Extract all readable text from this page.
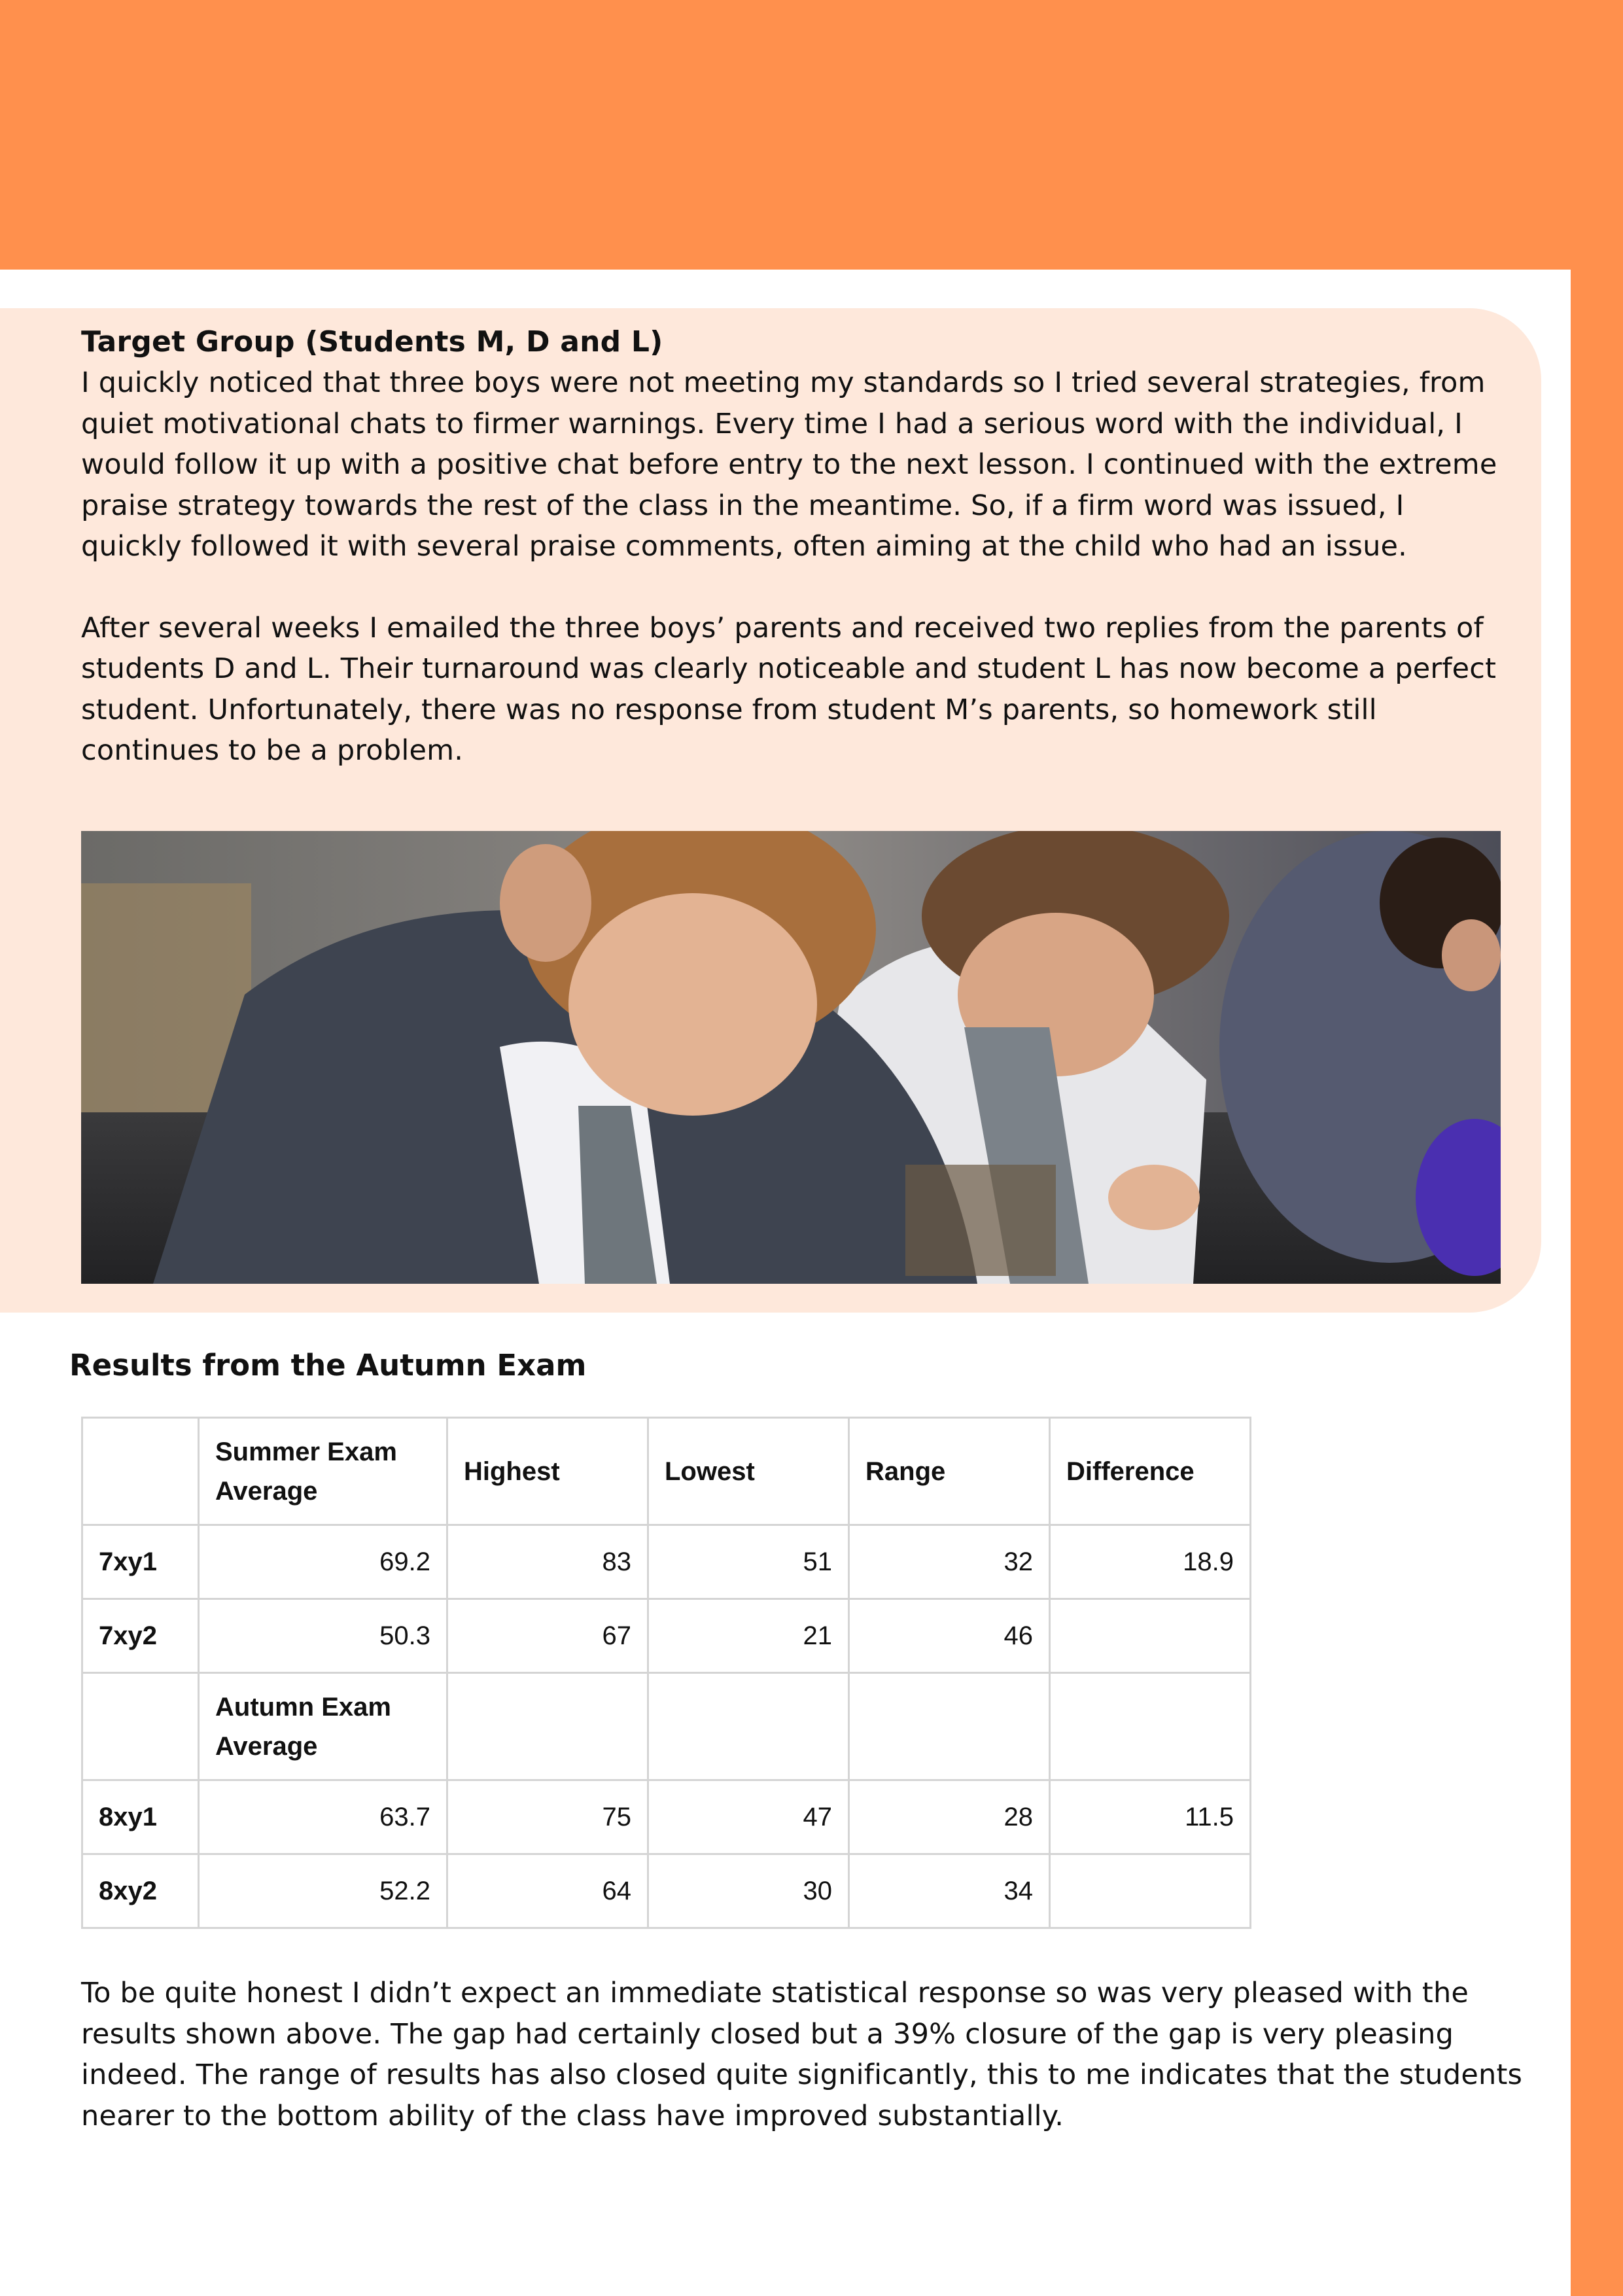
Target Group (Students M, D and L)

I quickly noticed that three boys were not meeting my standards so I tried several strategies, from quiet motivational chats to firmer warnings. Every time I had a serious word with the individual, I would follow it up with a positive chat before entry to the next lesson. I continued with the extreme praise strategy towards the rest of the class in the meantime. So, if a firm word was issued, I quickly followed it with several praise comments, often aiming at the child who had an issue.

After several weeks I emailed the three boys’ parents and received two replies from the parents of students D and L. Their turnaround was clearly noticeable and student L has now become a perfect student. Unfortunately, there was no response from student M’s parents, so homework still continues to be a problem.

Results from the Autumn Exam

	Summer Exam Average	Highest	Lowest	Range	Difference
7xy1	69.2	83	51	32	18.9
7xy2	50.3	67	21	46	
	Autumn Exam Average				
8xy1	63.7	75	47	28	11.5
8xy2	52.2	64	30	34	

To be quite honest I didn’t expect an immediate statistical response so was very pleased with the results shown above. The gap had certainly closed but a 39% closure of the gap is very pleasing indeed. The range of results has also closed quite significantly, this to me indicates that the students nearer to the bottom ability of the class have improved substantially.
